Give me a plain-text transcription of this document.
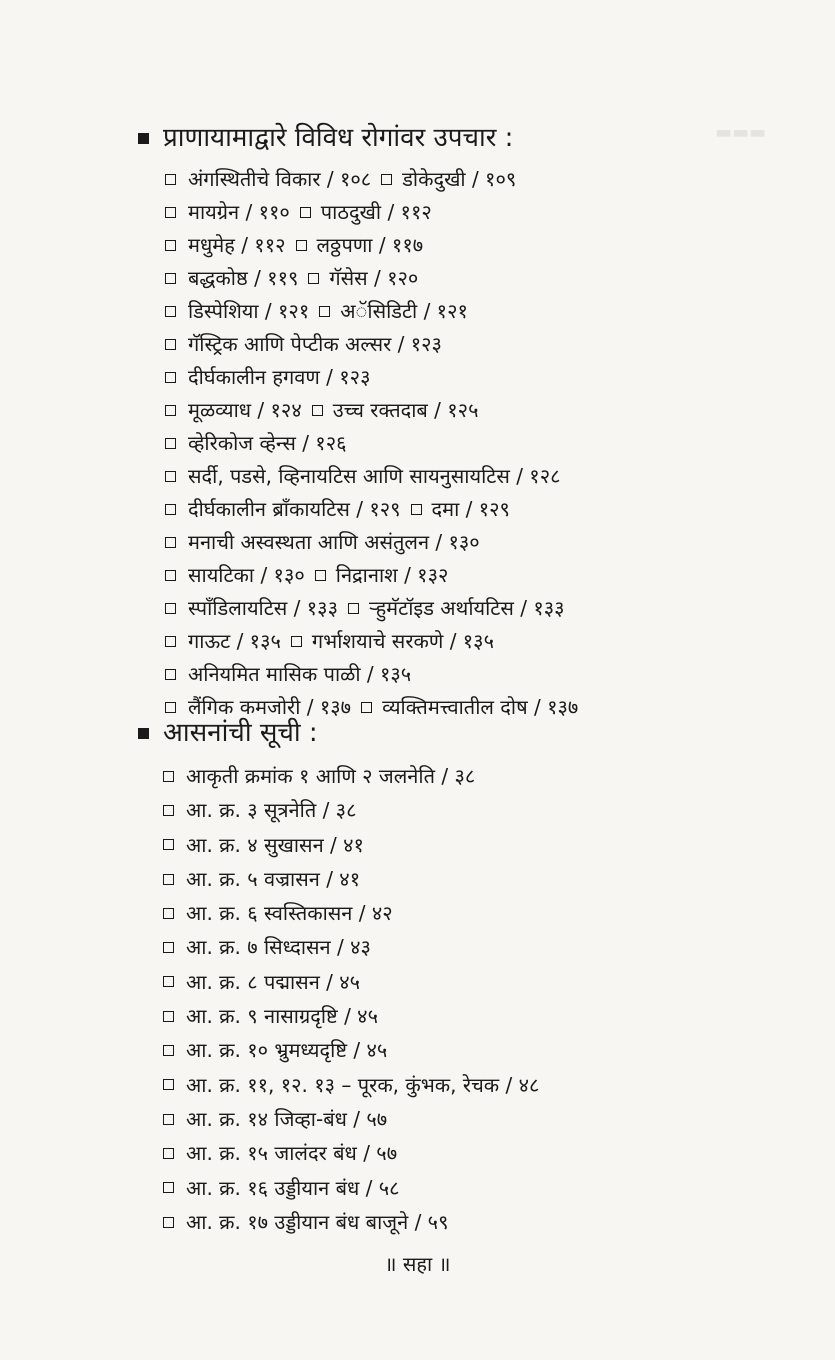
▬▬▬
प्राणायामाद्वारे विविध रोगांवर उपचार :
अंगस्थितीचे विकार / १०८ डोकेदुखी / १०९
मायग्रेन / ११० पाठदुखी / ११२
मधुमेह / ११२ लठ्ठपणा / ११७
बद्धकोष्ठ / ११९ गॅसेस / १२०
डिस्पेशिया / १२१ अॅसिडिटी / १२१
गॅस्ट्रिक आणि पेप्टीक अल्सर / १२३
दीर्घकालीन हगवण / १२३
मूळव्याध / १२४ उच्च रक्तदाब / १२५
व्हेरिकोज व्हेन्स / १२६
सर्दी, पडसे, व्हिनायटिस आणि सायनुसायटिस / १२८
दीर्घकालीन ब्रॉंकायटिस / १२९ दमा / १२९
मनाची अस्वस्थता आणि असंतुलन / १३०
सायटिका / १३० निद्रानाश / १३२
स्पाँडिलायटिस / १३३ र्‍हुमॅटॉइड अर्थायटिस / १३३
गाऊट / १३५ गर्भाशयाचे सरकणे / १३५
अनियमित मासिक पाळी / १३५
लैंगिक कमजोरी / १३७ व्यक्तिमत्त्वातील दोष / १३७
आसनांची सूची :
आकृती क्रमांक १ आणि २ जलनेति / ३८
आ. क्र. ३ सूत्रनेति / ३८
आ. क्र. ४ सुखासन / ४१
आ. क्र. ५ वज्रासन / ४१
आ. क्र. ६ स्वस्तिकासन / ४२
आ. क्र. ७ सिध्दासन / ४३
आ. क्र. ८ पद्मासन / ४५
आ. क्र. ९ नासाग्रदृष्टि / ४५
आ. क्र. १० भ्रुमध्यदृष्टि / ४५
आ. क्र. ११, १२. १३ – पूरक, कुंभक, रेचक / ४८
आ. क्र. १४ जिव्हा-बंध / ५७
आ. क्र. १५ जालंदर बंध / ५७
आ. क्र. १६ उड्डीयान बंध / ५८
आ. क्र. १७ उड्डीयान बंध बाजूने / ५९
॥ सहा ॥
